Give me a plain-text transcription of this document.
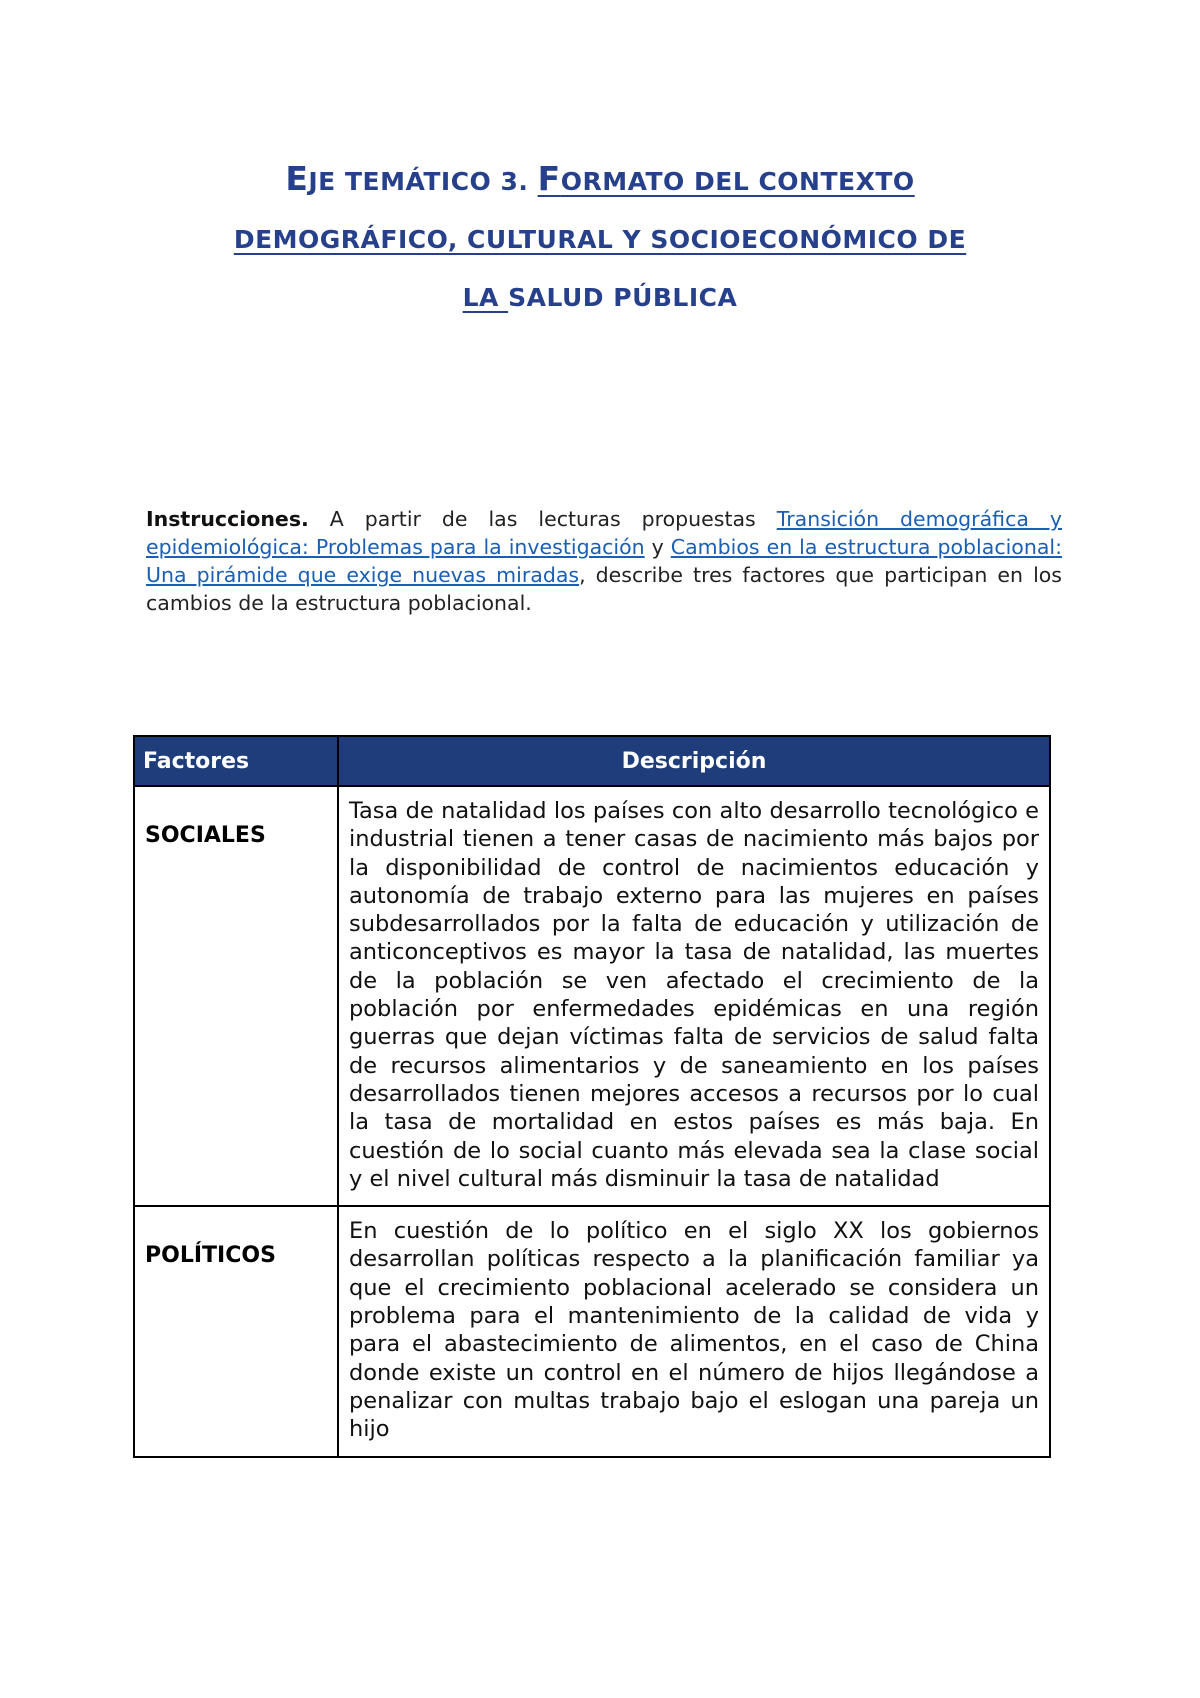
EJE TEMÁTICO 3. FORMATO DEL CONTEXTO
DEMOGRÁFICO, CULTURAL Y SOCIOECONÓMICO DE
LA SALUD PÚBLICA

Instrucciones. A partir de las lecturas propuestas Transición demográfica y epidemiológica: Problemas para la investigación y Cambios en la estructura poblacional: Una pirámide que exige nuevas miradas, describe tres factores que participan en los cambios de la estructura poblacional.

Factores	Descripción
SOCIALES	Tasa de natalidad los países con alto desarrollo tecnológico e industrial tienen a tener casas de nacimiento más bajos por la disponibilidad de control de nacimientos educación y autonomía de trabajo externo para las mujeres en países subdesarrollados por la falta de educación y utilización de anticonceptivos es mayor la tasa de natalidad, las muertes de la población se ven afectado el crecimiento de la población por enfermedades epidémicas en una región guerras que dejan víctimas falta de servicios de salud falta de recursos alimentarios y de saneamiento en los países desarrollados tienen mejores accesos a recursos por lo cual la tasa de mortalidad en estos países es más baja. En cuestión de lo social cuanto más elevada sea la clase social y el nivel cultural más disminuir la tasa de natalidad
POLÍTICOS	En cuestión de lo político en el siglo XX los gobiernos desarrollan políticas respecto a la planificación familiar ya que el crecimiento poblacional acelerado se considera un problema para el mantenimiento de la calidad de vida y para el abastecimiento de alimentos, en el caso de China donde existe un control en el número de hijos llegándose a penalizar con multas trabajo bajo el eslogan una pareja un hijo
